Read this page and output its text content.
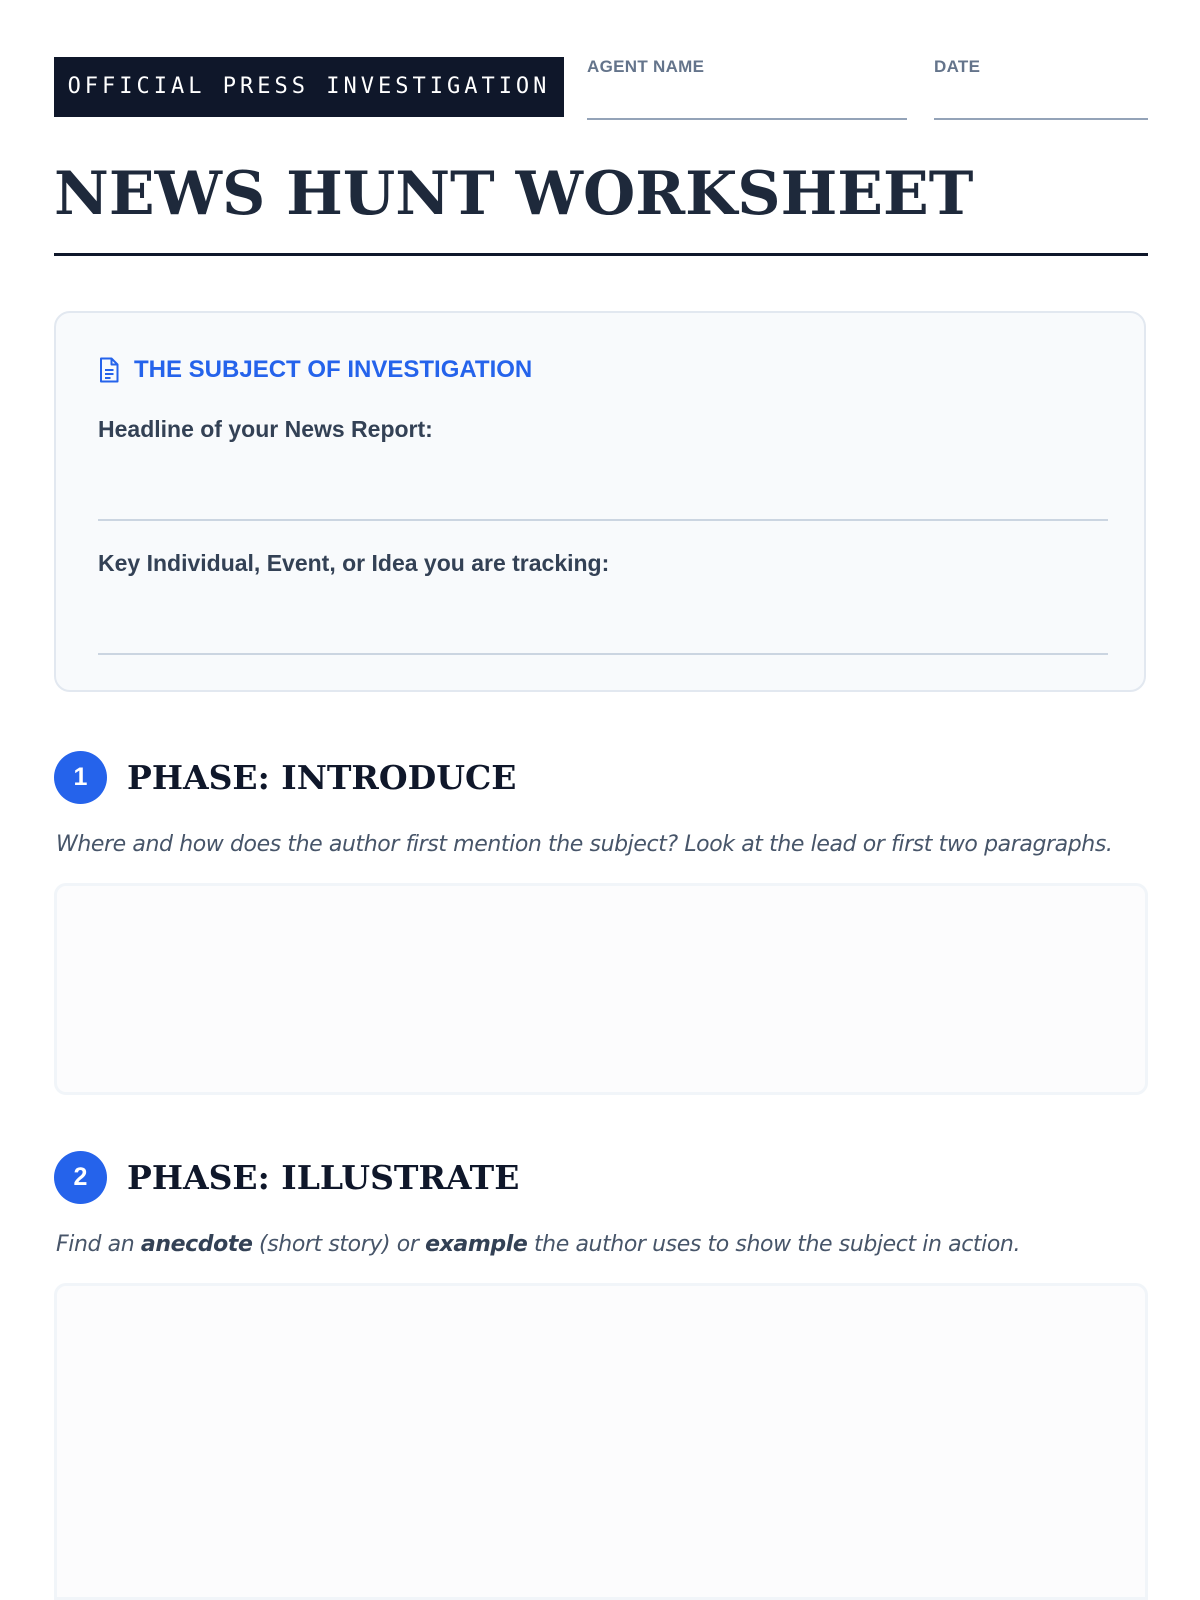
OFFICIAL PRESS INVESTIGATION
AGENT NAME	DATE
NEWS HUNT WORKSHEET
THE SUBJECT OF INVESTIGATION
Headline of your News Report:
Key Individual, Event, or Idea you are tracking:
1	PHASE: INTRODUCE
Where and how does the author first mention the subject? Look at the lead or first two paragraphs.
2	PHASE: ILLUSTRATE
Find an anecdote (short story) or example the author uses to show the subject in action.
